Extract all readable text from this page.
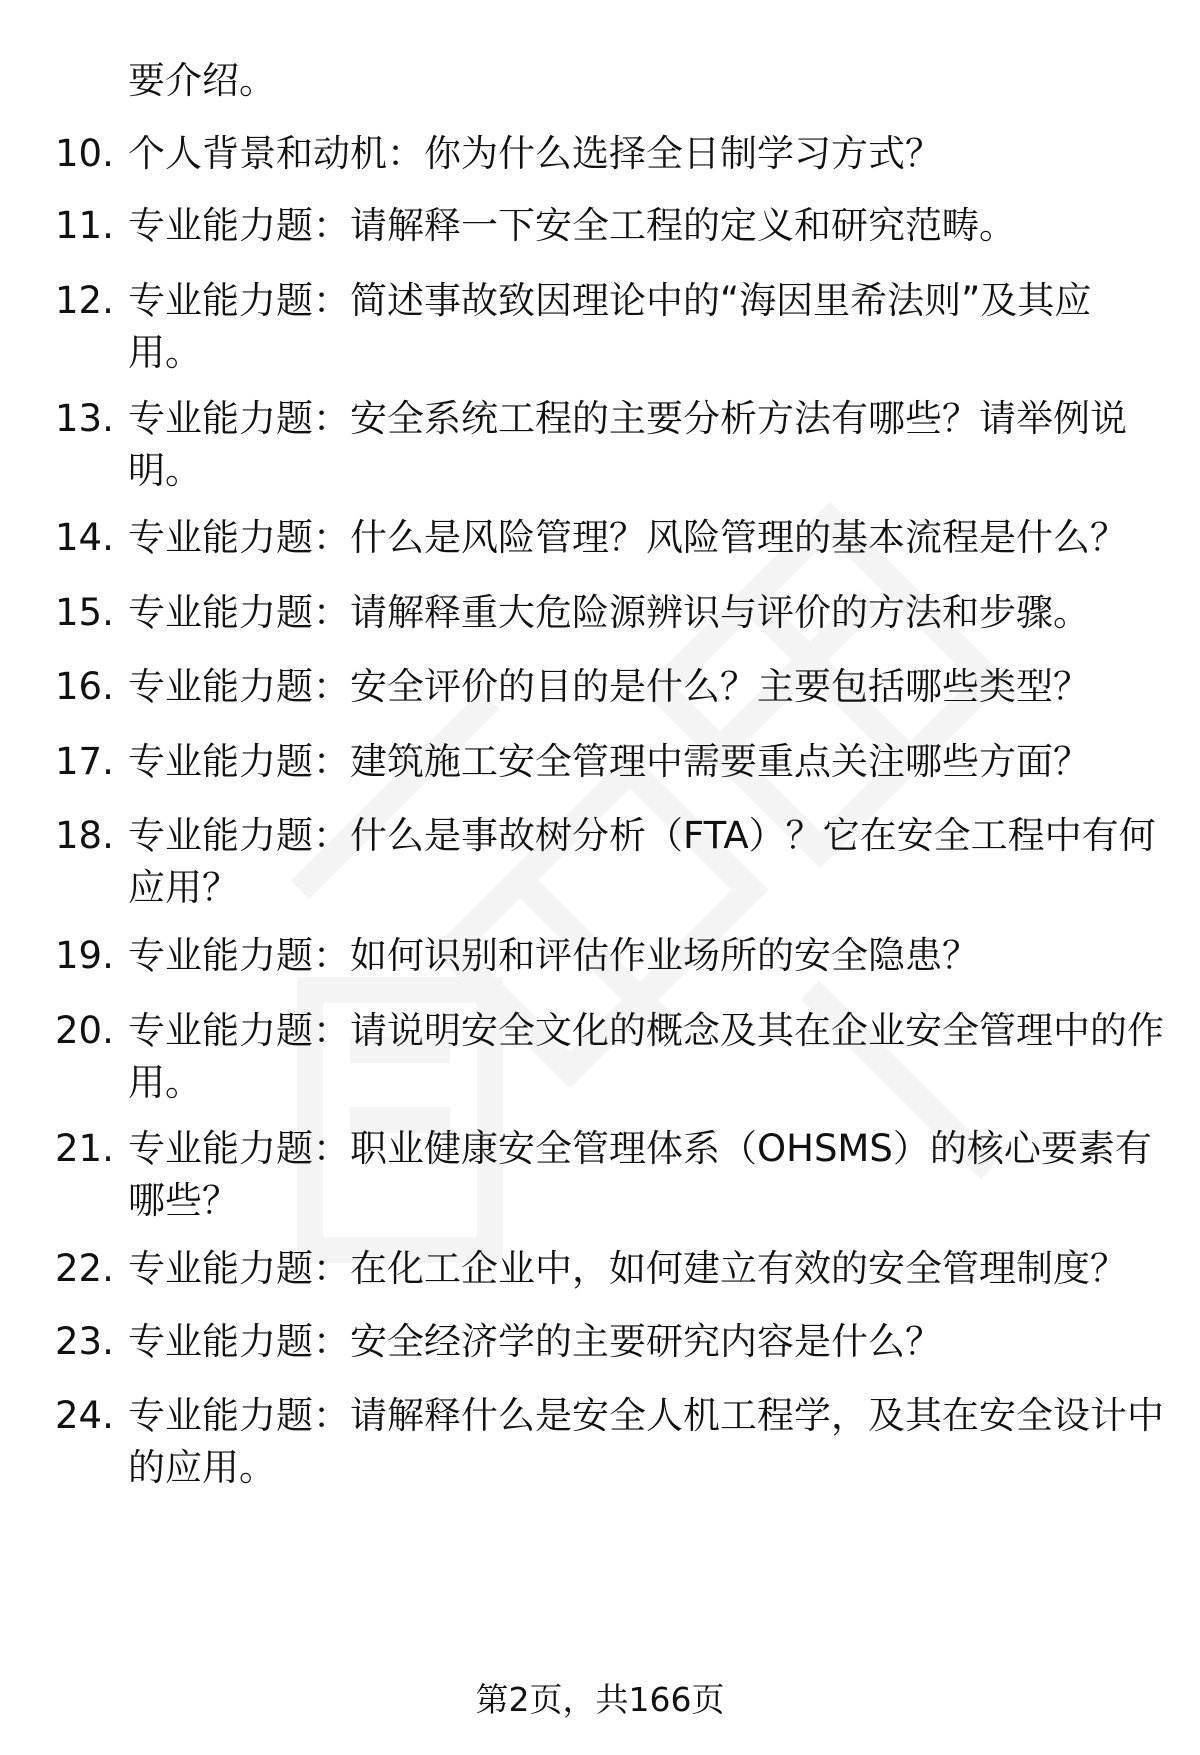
要介绍。
10. 个人背景和动机：你为什么选择全日制学习方式？
11. 专业能力题：请解释一下安全工程的定义和研究范畴。
12. 专业能力题：简述事故致因理论中的“海因里希法则”及其应
用。
13. 专业能力题：安全系统工程的主要分析方法有哪些？请举例说
明。
14. 专业能力题：什么是风险管理？风险管理的基本流程是什么？
15. 专业能力题：请解释重大危险源辨识与评价的方法和步骤。
16. 专业能力题：安全评价的目的是什么？主要包括哪些类型？
17. 专业能力题：建筑施工安全管理中需要重点关注哪些方面？
18. 专业能力题：什么是事故树分析（FTA）？它在安全工程中有何
应用？
19. 专业能力题：如何识别和评估作业场所的安全隐患？
20. 专业能力题：请说明安全文化的概念及其在企业安全管理中的作
用。
21. 专业能力题：职业健康安全管理体系（OHSMS）的核心要素有
哪些？
22. 专业能力题：在化工企业中，如何建立有效的安全管理制度？
23. 专业能力题：安全经济学的主要研究内容是什么？
24. 专业能力题：请解释什么是安全人机工程学，及其在安全设计中
的应用。
第2页，共166页
